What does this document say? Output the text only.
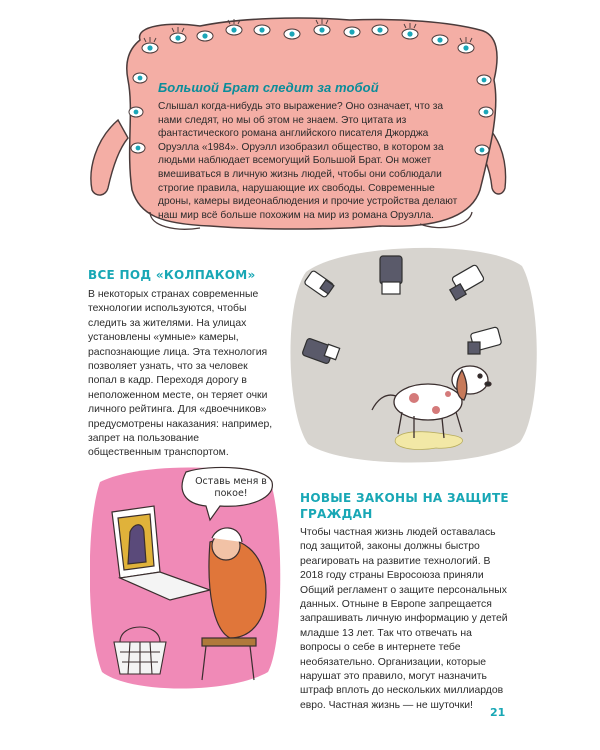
Большой Брат следит за тобой
Слышал когда-нибудь это выражение? Оно означает, что за нами следят, но мы об этом не знаем. Это цитата из фантастического романа английского писателя Джорджа Оруэлла «1984». Оруэлл изобразил общество, в котором за людьми наблюдает всемогущий Большой Брат. Он может вмешиваться в личную жизнь людей, чтобы они соблюдали строгие правила, нарушающие их свободы. Современные дроны, камеры видеонаблюдения и прочие устройства делают наш мир всё больше похожим на мир из романа Оруэлла.
ВСЕ ПОД «КОЛПАКОМ»
В некоторых странах современные технологии используются, чтобы следить за жителями. На улицах установлены «умные» камеры, распознающие лица. Эта технология позволяет узнать, что за человек попал в кадр. Переходя дорогу в неположенном месте, он теряет очки личного рейтинга. Для «двоечников» предусмотрены наказания: например, запрет на пользование общественным транспортом.
Оставь меня в покое!	НОВЫЕ ЗАКОНЫ НА ЗАЩИТЕ ГРАЖДАН
Чтобы частная жизнь людей оставалась под защитой, законы должны быстро реагировать на развитие технологий. В 2018 году страны Евросоюза приняли Общий регламент о защите персональных данных. Отныне в Европе запрещается запрашивать личную информацию у детей младше 13 лет. Так что отвечать на вопросы о себе в интернете тебе необязательно. Организации, которые нарушат это правило, могут назначить штраф вплоть до нескольких миллиардов евро. Частная жизнь — не шуточки!
21
